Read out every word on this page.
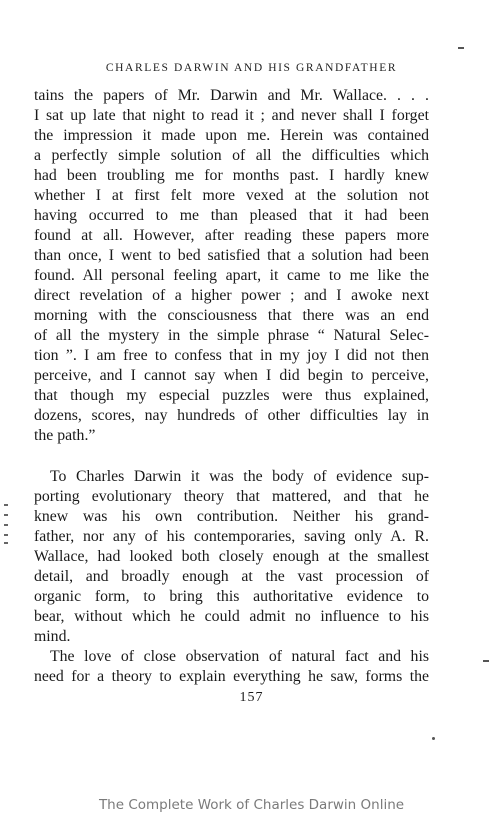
CHARLES DARWIN AND HIS GRANDFATHER
tains the papers of Mr. Darwin and Mr. Wallace. . . .
I sat up late that night to read it ; and never shall I forget
the impression it made upon me. Herein was contained
a perfectly simple solution of all the difficulties which
had been troubling me for months past. I hardly knew
whether I at first felt more vexed at the solution not
having occurred to me than pleased that it had been
found at all. However, after reading these papers more
than once, I went to bed satisfied that a solution had been
found. All personal feeling apart, it came to me like the
direct revelation of a higher power ; and I awoke next
morning with the consciousness that there was an end
of all the mystery in the simple phrase “ Natural Selec-
tion ”. I am free to confess that in my joy I did not then
perceive, and I cannot say when I did begin to perceive,
that though my especial puzzles were thus explained,
dozens, scores, nay hundreds of other difficulties lay in
the path.”
To Charles Darwin it was the body of evidence sup-
porting evolutionary theory that mattered, and that he
knew was his own contribution. Neither his grand-
father, nor any of his contemporaries, saving only A. R.
Wallace, had looked both closely enough at the smallest
detail, and broadly enough at the vast procession of
organic form, to bring this authoritative evidence to
bear, without which he could admit no influence to his
mind.
The love of close observation of natural fact and his
need for a theory to explain everything he saw, forms the
157
The Complete Work of Charles Darwin Online
